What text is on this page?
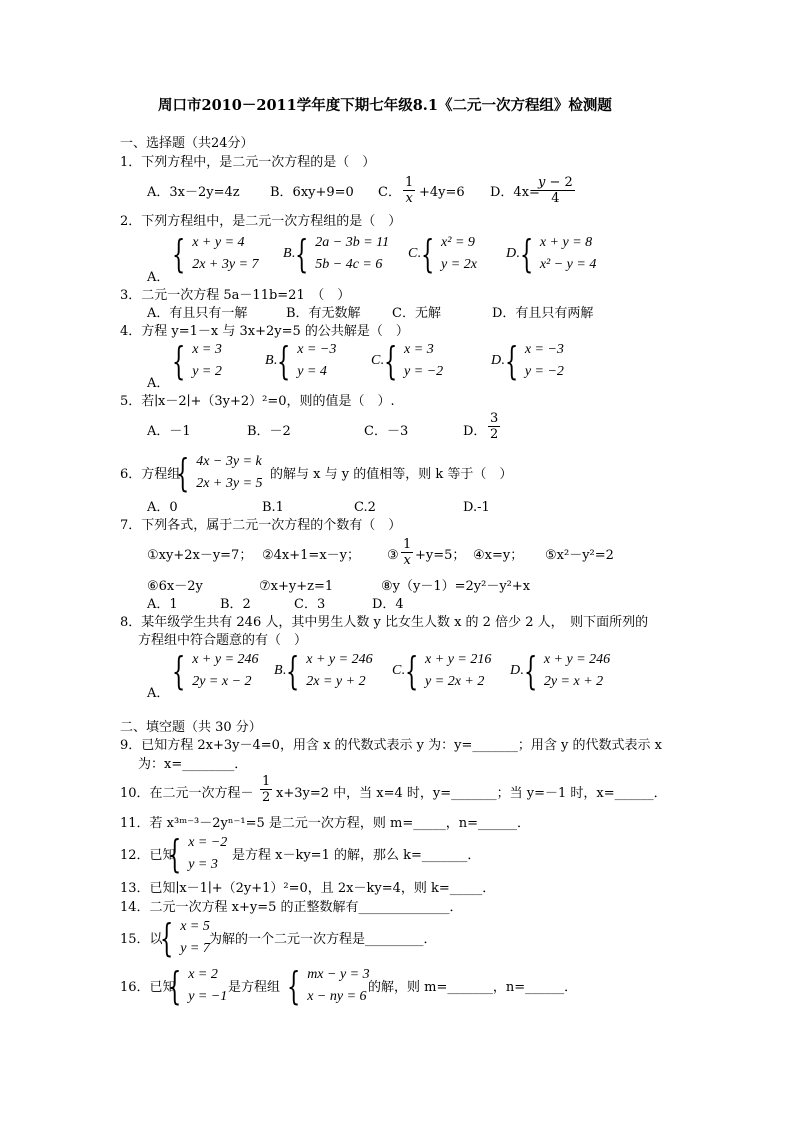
周口市2010－2011学年度下期七年级8.1《二元一次方程组》检测题
一、选择题（共24分）
1．下列方程中，是二元一次方程的是（　）
A．3x－2y=4z B．6xy+9=0 C． $\frac{1}{x} +4y=6$ D．4x=
$\frac{y - 2}{4}$
2．下列方程组中，是二元一次方程组的是（　）
A．
{ x + y = 4
2x + 3y = 7
B. { 2a − 3b = 11
5b − 4c = 6
C. { x² = 9
y = 2x
D. { x + y = 8
x² − y = 4
3．二元一次方程 5a－11b=21　（　）
A．有且只有一解	B．有无数解 C．无解	D．有且只有两解
4．方程 y=1－x 与 3x+2y=5 的公共解是（　）
A．
{ x = 3
y = 2
B. { x = −3
y = 4
C. { x = 3
y = −2
D. { x = −3
y = −2
5．若∣x－2∣+（3y+2）²=0，则的值是（　）.
A．－1	B．－2	C．－3	D． $\frac{3}{2}$
6．方程组
{ 4x − 3y = k
2x + 3y = 5
的解与 x 与 y 的值相等，则 k 等于（　）
A．0	B.1	C.2	D.-1
7．下列各式，属于二元一次方程的个数有（　）
①xy+2x－y=7； ②4x+1=x－y； ③ $\frac{1}{x} +y=5$； ④x=y； ⑤x²－y²=2
⑥6x－2y	⑦x+y+z=1	⑧y（y－1）=2y²－y²+x
A．1	B．2	C．3	D．4
8．某年级学生共有 246 人，其中男生人数 y 比女生人数 x 的 2 倍少 2 人，　则下面所列的
方程组中符合题意的有（　）
A．
{ x + y = 246
2y = x − 2
B. { x + y = 246
2x = y + 2
C. { x + y = 216
y = 2x + 2
D. { x + y = 246
2y = x + 2
二、填空题（共 30 分）
9．已知方程 2x+3y－4=0，用含 x 的代数式表示 y 为：y=_______；用含 y 的代数式表示 x
为：x=________．
10．在二元一次方程－ $\frac{1}{2} x+3y=2$ 中，当 x=4 时，y=_______；当 y=－1 时，x=______．
11．若 x³ᵐ⁻³－2yⁿ⁻¹=5 是二元一次方程，则 m=_____，n=______．
12．已知
{ x = −2
y = 3
是方程 x－ky=1 的解，那么 k=_______．
13．已知∣x－1∣+（2y+1）²=0，且 2x－ky=4，则 k=_____．
14．二元一次方程 x+y=5 的正整数解有______________．
15．以
{ x = 5
y = 7
为解的一个二元一次方程是_________．
16．已知
{ x = 2
y = −1
是方程组 { mx − y = 3
x − ny = 6
的解，则 m=_______，n=______．
